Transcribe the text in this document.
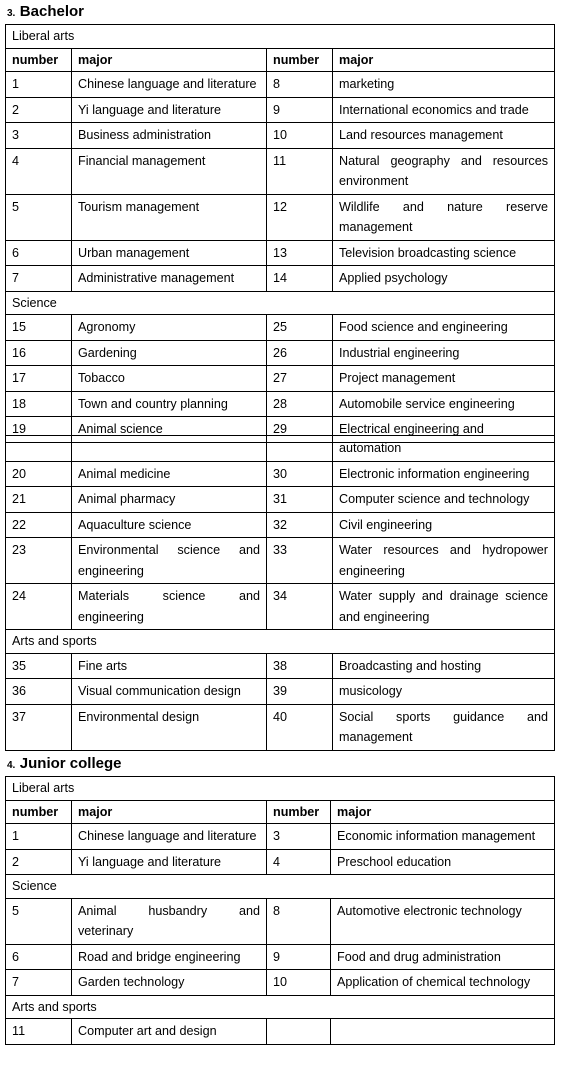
3. Bachelor
Liberal arts			
number	major	number	major
1	Chinese language and literature	8	marketing
2	Yi language and literature	9	International economics and trade
3	Business administration	10	Land resources management
4	Financial management	11	Natural geography and resources environment
5	Tourism management	12	Wildlife and nature reserve management
6	Urban management	13	Television broadcasting science
7	Administrative management	14	Applied psychology
Science			
15	Agronomy	25	Food science and engineering
16	Gardening	26	Industrial engineering
17	Tobacco	27	Project management
18	Town and country planning	28	Automobile service engineering
19	Animal science	29	Electrical engineering and
			automation
20	Animal medicine	30	Electronic information engineering
21	Animal pharmacy	31	Computer science and technology
22	Aquaculture science	32	Civil engineering
23	Environmental science and engineering	33	Water resources and hydropower engineering
24	Materials science and engineering	34	Water supply and drainage science and engineering
Arts and sports			
35	Fine arts	38	Broadcasting and hosting
36	Visual communication design	39	musicology
37	Environmental design	40	Social sports guidance and management
4. Junior college
Liberal arts			
number	major	number	major
1	Chinese language and literature	3	Economic information management
2	Yi language and literature	4	Preschool education
Science			
5	Animal husbandry and veterinary	8	Automotive electronic technology
6	Road and bridge engineering	9	Food and drug administration
7	Garden technology	10	Application of chemical technology
Arts and sports			
11	Computer art and design		
